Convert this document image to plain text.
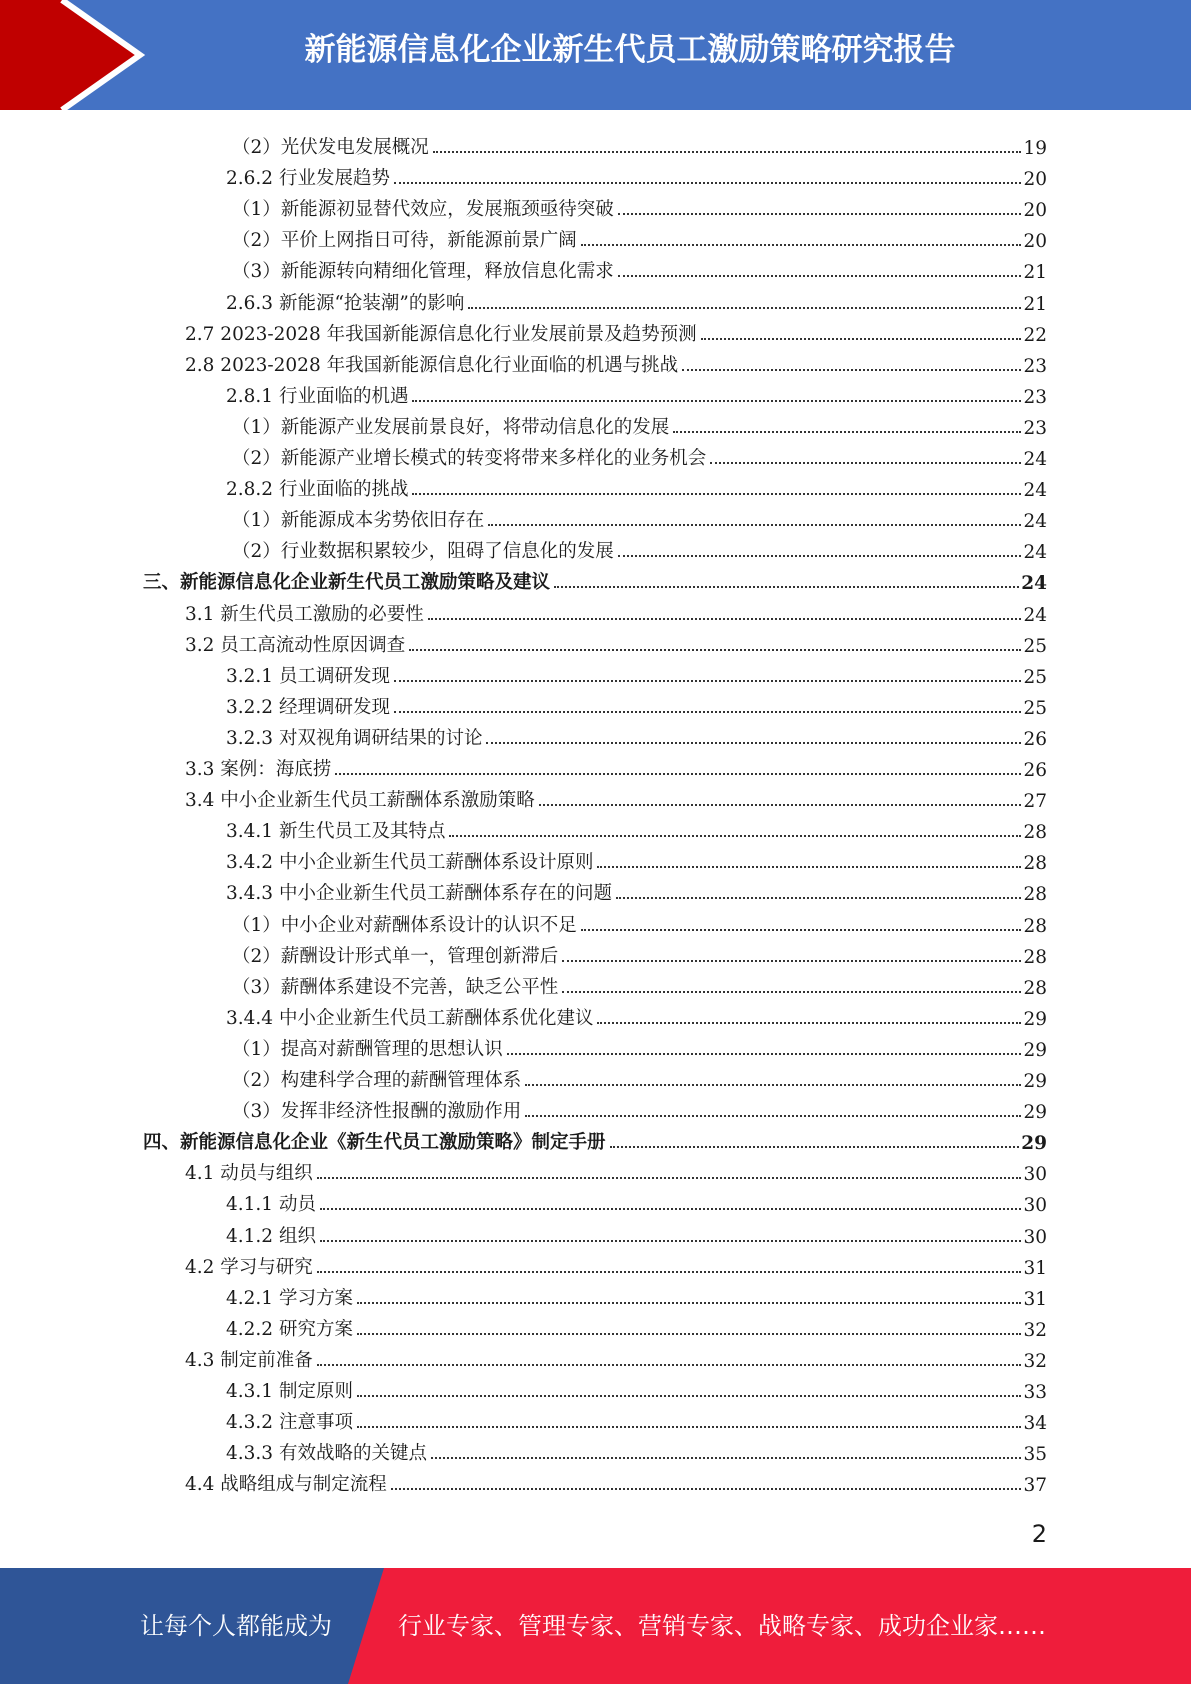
新能源信息化企业新生代员工激励策略研究报告
（2）光伏发电发展概况	19
2.6.2 行业发展趋势	20
（1）新能源初显替代效应，发展瓶颈亟待突破	20
（2）平价上网指日可待，新能源前景广阔	20
（3）新能源转向精细化管理，释放信息化需求	21
2.6.3 新能源“抢装潮”的影响	21
2.7 2023-2028 年我国新能源信息化行业发展前景及趋势预测	22
2.8 2023-2028 年我国新能源信息化行业面临的机遇与挑战	23
2.8.1 行业面临的机遇	23
（1）新能源产业发展前景良好，将带动信息化的发展	23
（2）新能源产业增长模式的转变将带来多样化的业务机会	24
2.8.2 行业面临的挑战	24
（1）新能源成本劣势依旧存在	24
（2）行业数据积累较少，阻碍了信息化的发展	24
三、新能源信息化企业新生代员工激励策略及建议	24
3.1 新生代员工激励的必要性	24
3.2 员工高流动性原因调查	25
3.2.1 员工调研发现	25
3.2.2 经理调研发现	25
3.2.3 对双视角调研结果的讨论	26
3.3 案例：海底捞	26
3.4 中小企业新生代员工薪酬体系激励策略	27
3.4.1 新生代员工及其特点	28
3.4.2 中小企业新生代员工薪酬体系设计原则	28
3.4.3 中小企业新生代员工薪酬体系存在的问题	28
（1）中小企业对薪酬体系设计的认识不足	28
（2）薪酬设计形式单一，管理创新滞后	28
（3）薪酬体系建设不完善，缺乏公平性	28
3.4.4 中小企业新生代员工薪酬体系优化建议	29
（1）提高对薪酬管理的思想认识	29
（2）构建科学合理的薪酬管理体系	29
（3）发挥非经济性报酬的激励作用	29
四、新能源信息化企业《新生代员工激励策略》制定手册	29
4.1 动员与组织	30
4.1.1 动员	30
4.1.2 组织	30
4.2 学习与研究	31
4.2.1 学习方案	31
4.2.2 研究方案	32
4.3 制定前准备	32
4.3.1 制定原则	33
4.3.2 注意事项	34
4.3.3 有效战略的关键点	35
4.4 战略组成与制定流程	37
2
让每个人都能成为	行业专家、管理专家、营销专家、战略专家、成功企业家……
